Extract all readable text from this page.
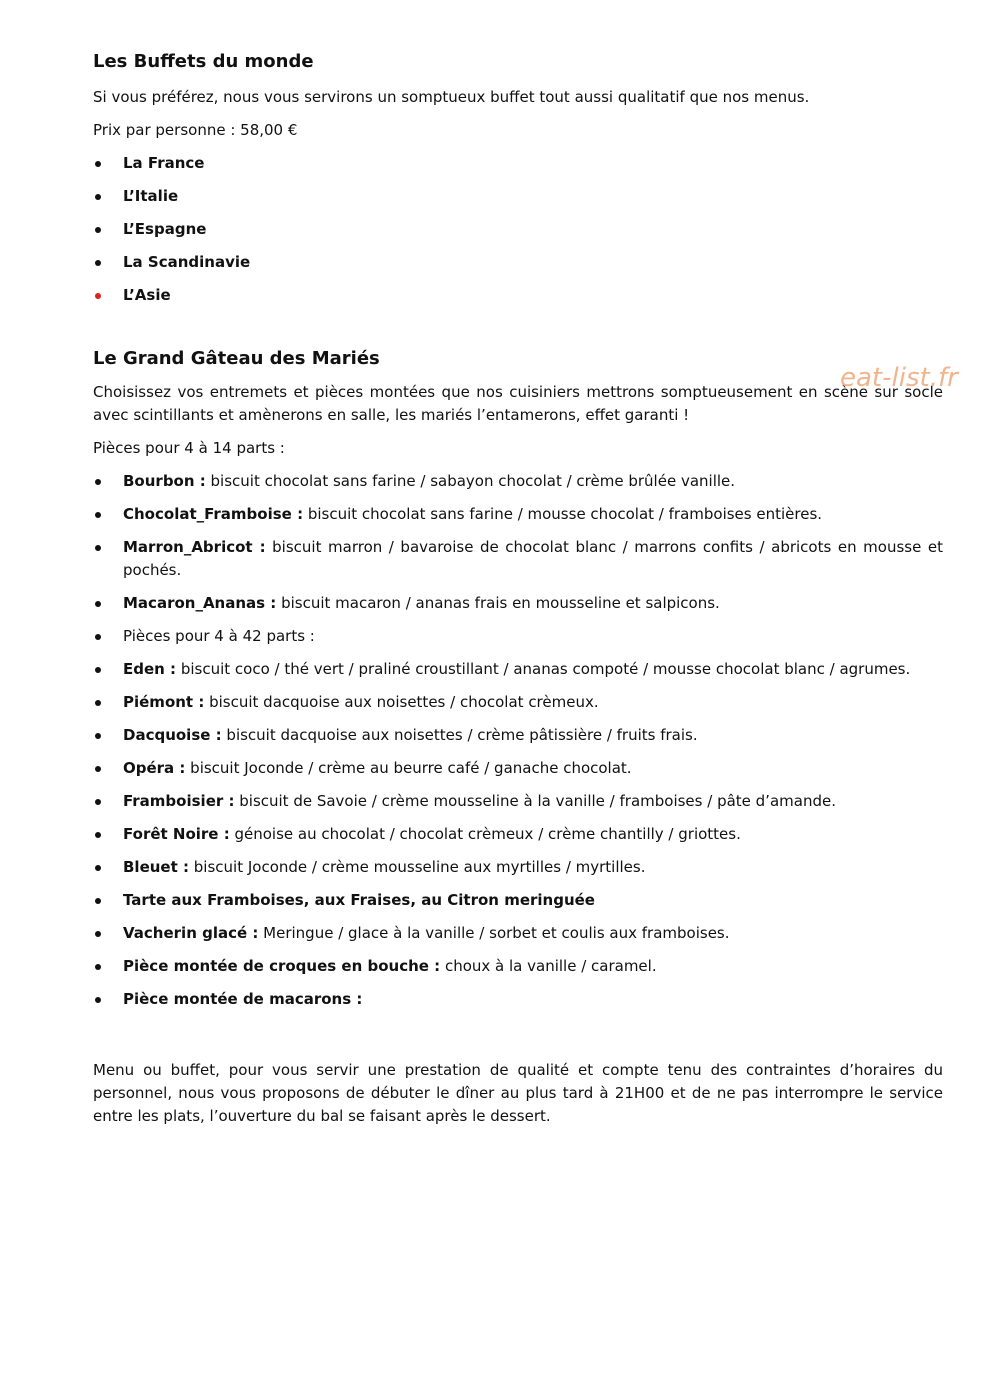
Les Buffets du monde

Si vous préférez, nous vous servirons un somptueux buffet tout aussi qualitatif que nos menus.

Prix par personne : 58,00 €

La France
L’Italie
L’Espagne
La Scandinavie
L’Asie
Le Grand Gâteau des Mariés

Choisissez vos entremets et pièces montées que nos cuisiniers mettrons somptueusement en scène sur socle avec scintillants et amènerons en salle, les mariés l’entamerons, effet garanti !

Pièces pour 4 à 14 parts :

Bourbon : biscuit chocolat sans farine / sabayon chocolat / crème brûlée vanille.
Chocolat_Framboise : biscuit chocolat sans farine / mousse chocolat / framboises entières.
Marron_Abricot : biscuit marron / bavaroise de chocolat blanc / marrons confits / abricots en mousse et pochés.
Macaron_Ananas : biscuit macaron / ananas frais en mousseline et salpicons.
Pièces pour 4 à 42 parts :
Eden : biscuit coco / thé vert / praliné croustillant / ananas compoté / mousse chocolat blanc / agrumes.
Piémont : biscuit dacquoise aux noisettes / chocolat crèmeux.
Dacquoise : biscuit dacquoise aux noisettes / crème pâtissière / fruits frais.
Opéra : biscuit Joconde / crème au beurre café / ganache chocolat.
Framboisier : biscuit de Savoie / crème mousseline à la vanille / framboises / pâte d’amande.
Forêt Noire : génoise au chocolat / chocolat crèmeux / crème chantilly / griottes.
Bleuet : biscuit Joconde / crème mousseline aux myrtilles / myrtilles.
Tarte aux Framboises, aux Fraises, au Citron meringuée
Vacherin glacé : Meringue / glace à la vanille / sorbet et coulis aux framboises.
Pièce montée de croques en bouche : choux à la vanille / caramel.
Pièce montée de macarons :

Menu ou buffet, pour vous servir une prestation de qualité et compte tenu des contraintes d’horaires du personnel, nous vous proposons de débuter le dîner au plus tard à 21H00 et de ne pas interrompre le service entre les plats, l’ouverture du bal se faisant après le dessert.

eat-list.fr
